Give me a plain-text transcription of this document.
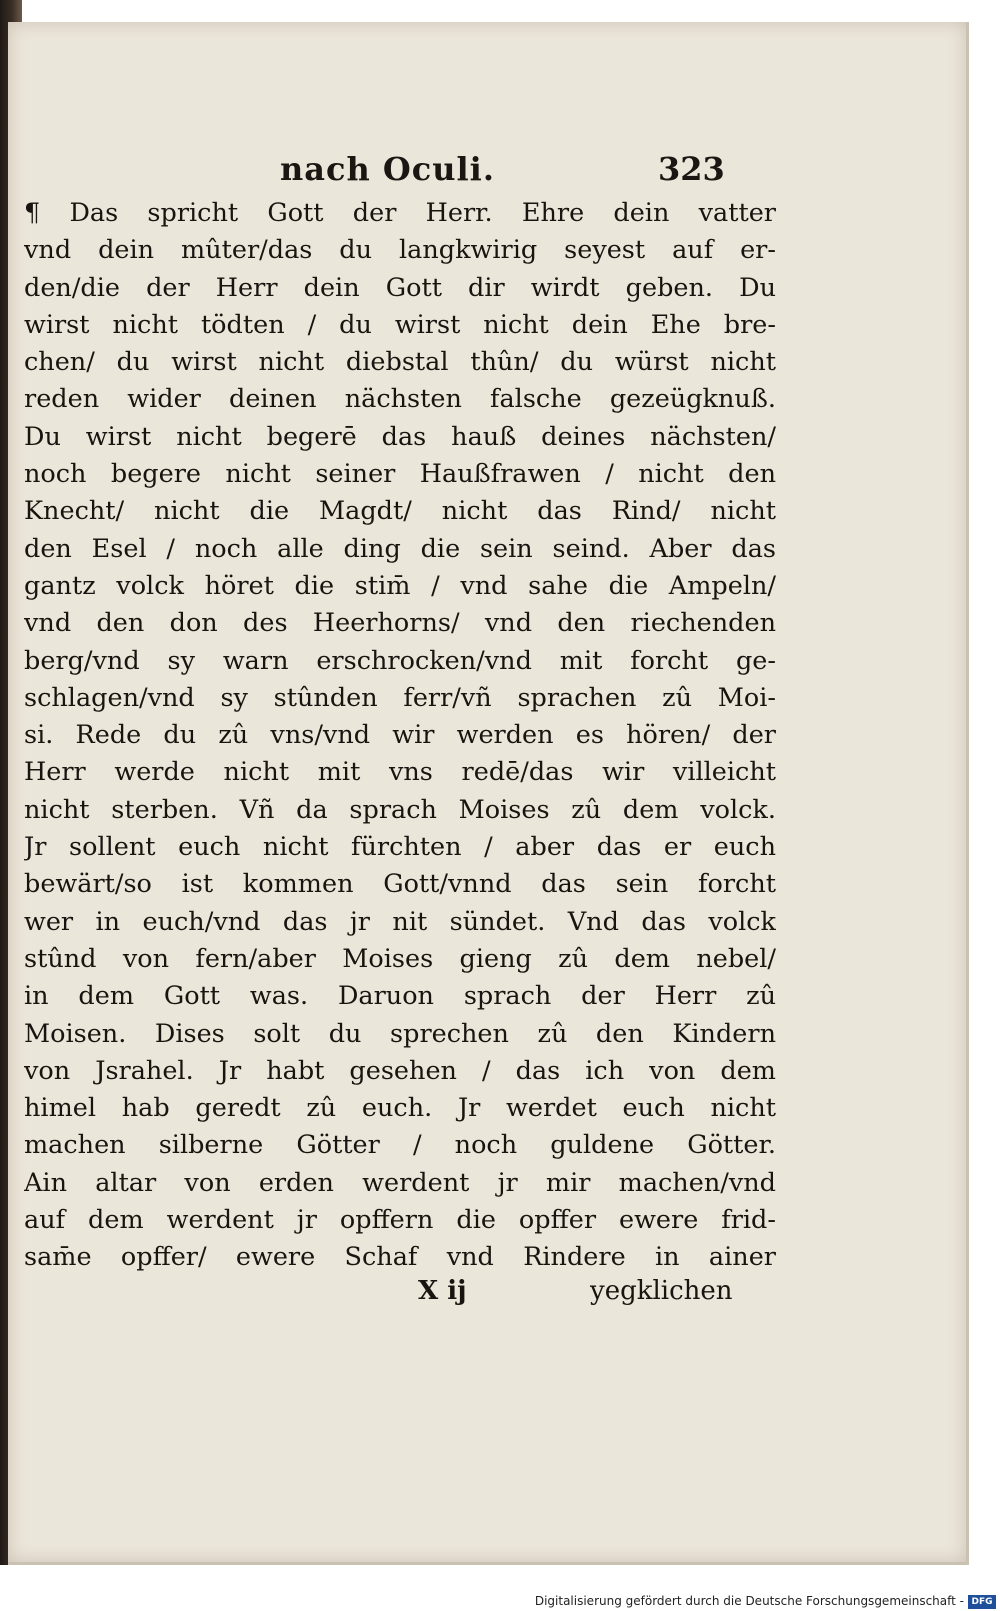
nach Oculi.	323
¶ Das spricht Gott der Herr. Ehre dein vatter
vnd dein mûter/das du langkwirig seyest auf er-
den/die der Herr dein Gott dir wirdt geben. Du
wirst nicht tödten / du wirst nicht dein Ehe bre-
chen/ du wirst nicht diebstal thûn/ du würst nicht
reden wider deinen nächsten falsche gezeügknuß.
Du wirst nicht begerē das hauß deines nächsten/
noch begere nicht seiner Haußfrawen / nicht den
Knecht/ nicht die Magdt/ nicht das Rind/ nicht
den Esel / noch alle ding die sein seind. Aber das
gantz volck höret die stim̄ / vnd sahe die Ampeln/
vnd den don des Heerhorns/ vnd den riechenden
berg/vnd sy warn erschrocken/vnd mit forcht ge-
schlagen/vnd sy stûnden ferr/vñ sprachen zû Moi-
si. Rede du zû vns/vnd wir werden es hören/ der
Herr werde nicht mit vns redē/das wir villeicht
nicht sterben. Vñ da sprach Moises zû dem volck.
Jr sollent euch nicht fürchten / aber das er euch
bewärt/so ist kommen Gott/vnnd das sein forcht
wer in euch/vnd das jr nit sündet. Vnd das volck
stûnd von fern/aber Moises gieng zû dem nebel/
in dem Gott was. Daruon sprach der Herr zû
Moisen. Dises solt du sprechen zû den Kindern
von Jsrahel. Jr habt gesehen / das ich von dem
himel hab geredt zû euch. Jr werdet euch nicht
machen silberne Götter / noch guldene Götter.
Ain altar von erden werdent jr mir machen/vnd
auf dem werdent jr opffern die opffer ewere frid-
sam̄e opffer/ ewere Schaf vnd Rindere in ainer
X ij	yegklichen
Digitalisierung gefördert durch die Deutsche Forschungsgemeinschaft - DFG
